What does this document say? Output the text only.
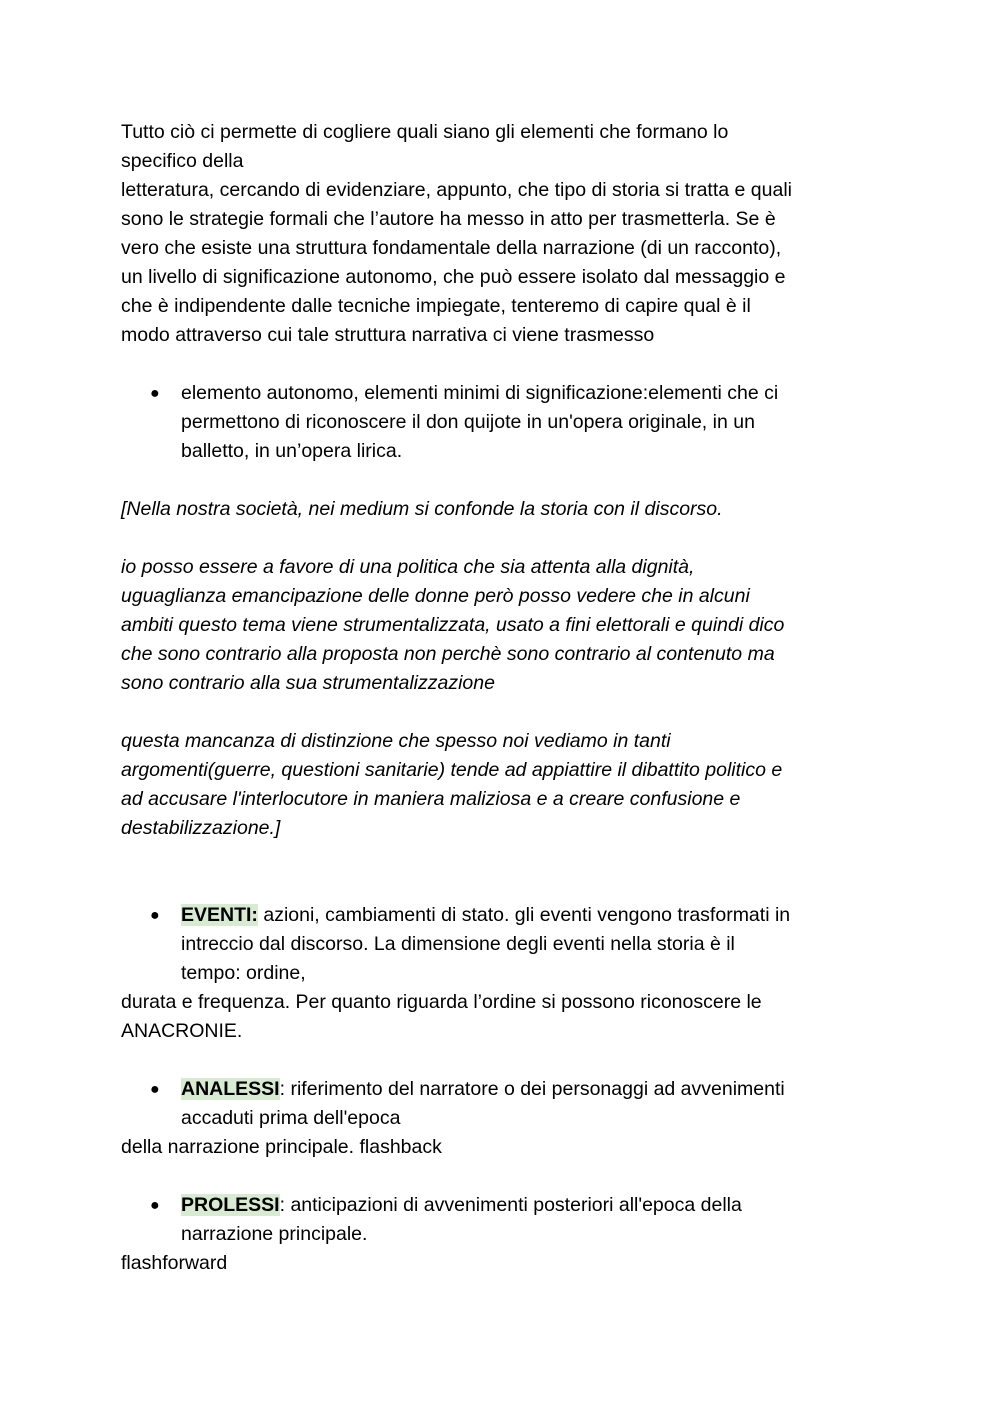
Tutto ciò ci permette di cogliere quali siano gli elementi che formano lo
specifico della
letteratura, cercando di evidenziare, appunto, che tipo di storia si tratta e quali
sono le strategie formali che l’autore ha messo in atto per trasmetterla. Se è
vero che esiste una struttura fondamentale della narrazione (di un racconto),
un livello di significazione autonomo, che può essere isolato dal messaggio e
che è indipendente dalle tecniche impiegate, tenteremo di capire qual è il
modo attraverso cui tale struttura narrativa ci viene trasmesso
● elemento autonomo, elementi minimi di significazione:elementi che ci
permettono di riconoscere il don quijote in un'opera originale, in un
balletto, in un’opera lirica.
[Nella nostra società, nei medium si confonde la storia con il discorso.
io posso essere a favore di una politica che sia attenta alla dignità,
uguaglianza emancipazione delle donne però posso vedere che in alcuni
ambiti questo tema viene strumentalizzata, usato a fini elettorali e quindi dico
che sono contrario alla proposta non perchè sono contrario al contenuto ma
sono contrario alla sua strumentalizzazione
questa mancanza di distinzione che spesso noi vediamo in tanti
argomenti(guerre, questioni sanitarie) tende ad appiattire il dibattito politico e
ad accusare l'interlocutore in maniera maliziosa e a creare confusione e
destabilizzazione.]
● EVENTI: azioni, cambiamenti di stato. gli eventi vengono trasformati in
intreccio dal discorso. La dimensione degli eventi nella storia è il
tempo: ordine,
durata e frequenza. Per quanto riguarda l’ordine si possono riconoscere le
ANACRONIE.
● ANALESSI: riferimento del narratore o dei personaggi ad avvenimenti
accaduti prima dell'epoca
della narrazione principale. flashback
● PROLESSI: anticipazioni di avvenimenti posteriori all'epoca della
narrazione principale.
flashforward
